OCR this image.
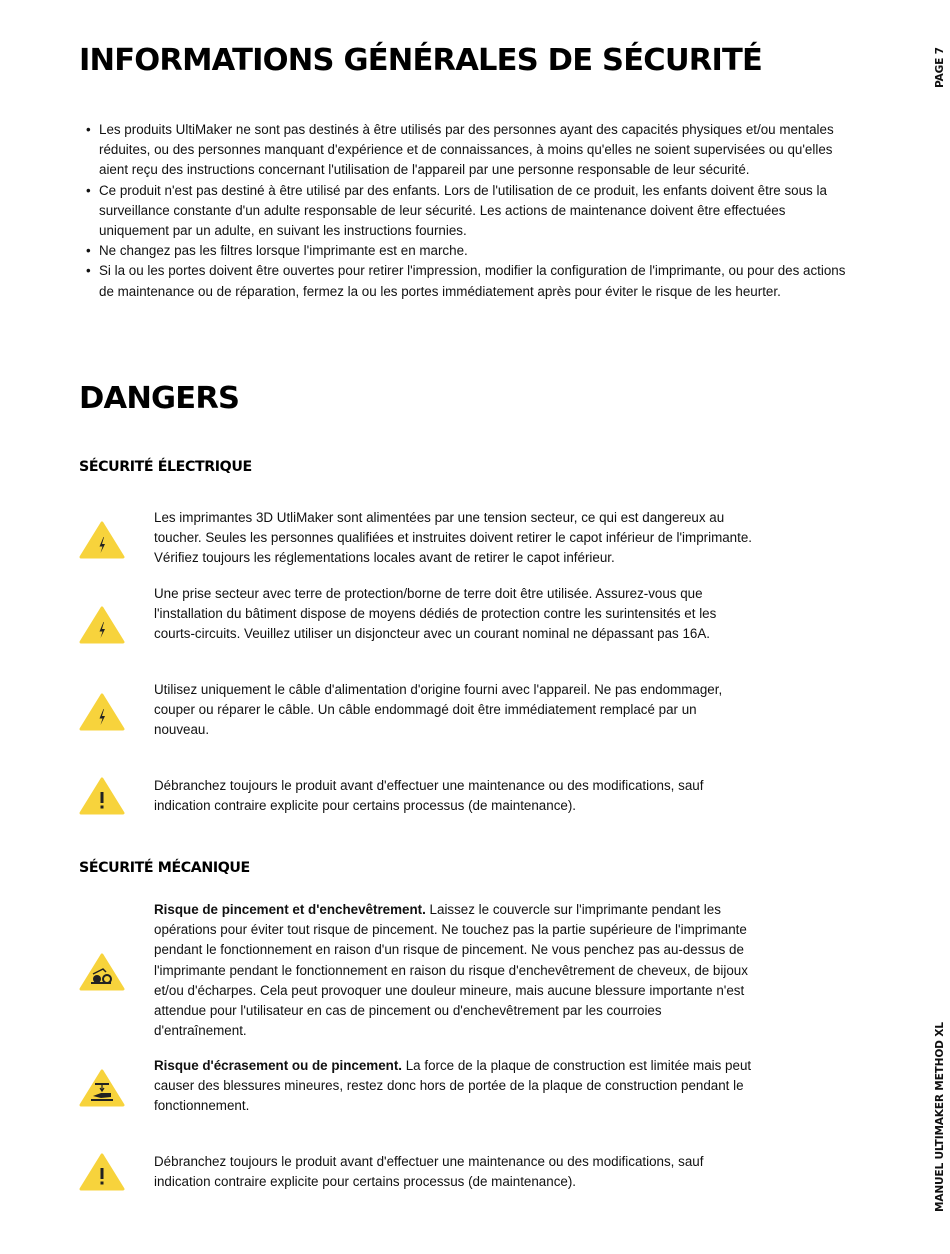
PAGE 7
MANUEL ULTIMAKER METHOD XL
INFORMATIONS GÉNÉRALES DE SÉCURITÉ
• Les produits UltiMaker ne sont pas destinés à être utilisés par des personnes ayant des capacités physiques et/ou mentales réduites, ou des personnes manquant d'expérience et de connaissances, à moins qu'elles ne soient supervisées ou qu'elles aient reçu des instructions concernant l'utilisation de l'appareil par une personne responsable de leur sécurité.
• Ce produit n'est pas destiné à être utilisé par des enfants. Lors de l'utilisation de ce produit, les enfants doivent être sous la surveillance constante d'un adulte responsable de leur sécurité. Les actions de maintenance doivent être effectuées uniquement par un adulte, en suivant les instructions fournies.
• Ne changez pas les filtres lorsque l'imprimante est en marche.
• Si la ou les portes doivent être ouvertes pour retirer l'impression, modifier la configuration de l'imprimante, ou pour des actions de maintenance ou de réparation, fermez la ou les portes immédiatement après pour éviter le risque de les heurter.
DANGERS
SÉCURITÉ ÉLECTRIQUE

Les imprimantes 3D UtliMaker sont alimentées par une tension secteur, ce qui est dangereux au toucher. Seules les personnes qualifiées et instruites doivent retirer le capot inférieur de l'imprimante. Vérifiez toujours les réglementations locales avant de retirer le capot inférieur.

Une prise secteur avec terre de protection/borne de terre doit être utilisée. Assurez-vous que l'installation du bâtiment dispose de moyens dédiés de protection contre les surintensités et les courts-circuits. Veuillez utiliser un disjoncteur avec un courant nominal ne dépassant pas 16A.

Utilisez uniquement le câble d'alimentation d'origine fourni avec l'appareil. Ne pas endommager, couper ou réparer le câble. Un câble endommagé doit être immédiatement remplacé par un nouveau.

Débranchez toujours le produit avant d'effectuer une maintenance ou des modifications, sauf indication contraire explicite pour certains processus (de maintenance).

SÉCURITÉ MÉCANIQUE

Risque de pincement et d'enchevêtrement. Laissez le couvercle sur l'imprimante pendant les opérations pour éviter tout risque de pincement. Ne touchez pas la partie supérieure de l'imprimante pendant le fonctionnement en raison d'un risque de pincement. Ne vous penchez pas au-dessus de l'imprimante pendant le fonctionnement en raison du risque d'enchevêtrement de cheveux, de bijoux et/ou d'écharpes. Cela peut provoquer une douleur mineure, mais aucune blessure importante n'est attendue pour l'utilisateur en cas de pincement ou d'enchevêtrement par les courroies d'entraînement.

Risque d'écrasement ou de pincement. La force de la plaque de construction est limitée mais peut causer des blessures mineures, restez donc hors de portée de la plaque de construction pendant le fonctionnement.

Débranchez toujours le produit avant d'effectuer une maintenance ou des modifications, sauf indication contraire explicite pour certains processus (de maintenance).
